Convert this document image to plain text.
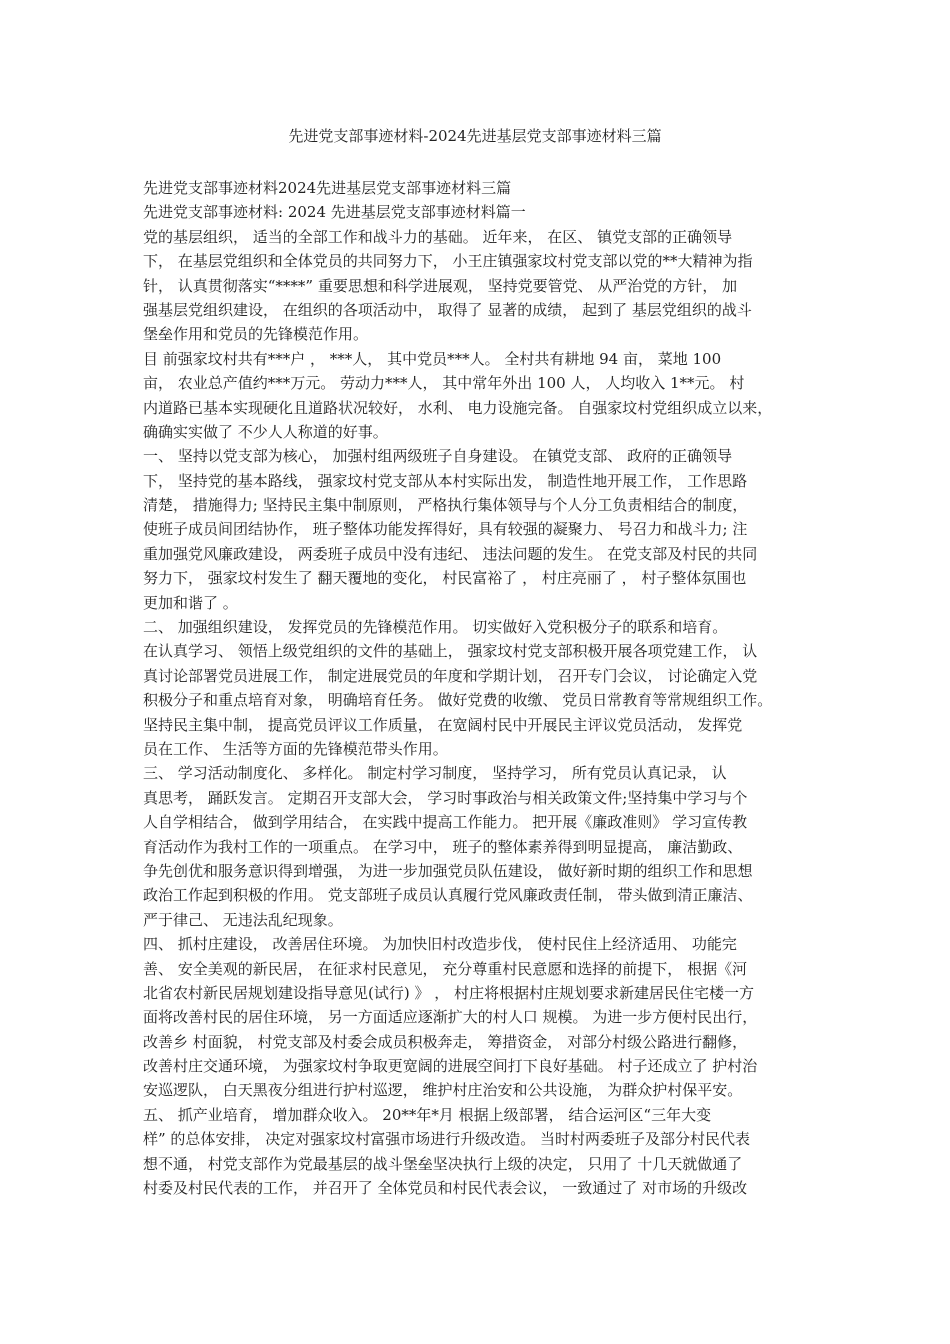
先进党支部事迹材料-2024先进基层党支部事迹材料三篇
先进党支部事迹材料2024先进基层党支部事迹材料三篇
先进党支部事迹材料: 2024 先进基层党支部事迹材料篇一
党的基层组织， 适当的全部工作和战斗力的基础。 近年来， 在区、 镇党支部的正确领导
下， 在基层党组织和全体党员的共同努力下， 小王庄镇强家坟村党支部以党的**大精神为指
针， 认真贯彻落实“****” 重要思想和科学进展观， 坚持党要管党、 从严治党的方针， 加
强基层党组织建设， 在组织的各项活动中， 取得了 显著的成绩， 起到了 基层党组织的战斗
堡垒作用和党员的先锋模范作用。
目 前强家坟村共有***户 ， ***人， 其中党员***人。 全村共有耕地 94 亩， 菜地 100
亩， 农业总产值约***万元。 劳动力***人， 其中常年外出 100 人， 人均收入 1**元。 村
内道路已基本实现硬化且道路状况较好， 水利、 电力设施完备。 自强家坟村党组织成立以来，
确确实实做了 不少人人称道的好事。
一、 坚持以党支部为核心， 加强村组两级班子自身建设。 在镇党支部、 政府的正确领导
下， 坚持党的基本路线， 强家坟村党支部从本村实际出发， 制造性地开展工作， 工作思路
清楚， 措施得力; 坚持民主集中制原则， 严格执行集体领导与个人分工负责相结合的制度，
使班子成员间团结协作， 班子整体功能发挥得好，具有较强的凝聚力、 号召力和战斗力; 注
重加强党风廉政建设， 两委班子成员中没有违纪、 违法问题的发生。 在党支部及村民的共同
努力下， 强家坟村发生了 翻天覆地的变化， 村民富裕了 ， 村庄亮丽了 ， 村子整体氛围也
更加和谐了 。
二、 加强组织建设， 发挥党员的先锋模范作用。 切实做好入党积极分子的联系和培育。
在认真学习、 领悟上级党组织的文件的基础上， 强家坟村党支部积极开展各项党建工作， 认
真讨论部署党员进展工作， 制定进展党员的年度和学期计划， 召开专门会议， 讨论确定入党
积极分子和重点培育对象， 明确培育任务。 做好党费的收缴、 党员日常教育等常规组织工作。
坚持民主集中制， 提高党员评议工作质量， 在宽阔村民中开展民主评议党员活动， 发挥党
员在工作、 生活等方面的先锋模范带头作用。
三、 学习活动制度化、 多样化。 制定村学习制度， 坚持学习， 所有党员认真记录， 认
真思考， 踊跃发言。 定期召开支部大会， 学习时事政治与相关政策文件;坚持集中学习与个
人自学相结合， 做到学用结合， 在实践中提高工作能力。 把开展《廉政准则》 学习宣传教
育活动作为我村工作的一项重点。 在学习中， 班子的整体素养得到明显提高， 廉洁勤政、
争先创优和服务意识得到增强， 为进一步加强党员队伍建设， 做好新时期的组织工作和思想
政治工作起到积极的作用。 党支部班子成员认真履行党风廉政责任制， 带头做到清正廉洁、
严于律己、 无违法乱纪现象。
四、 抓村庄建设， 改善居住环境。 为加快旧村改造步伐， 使村民住上经济适用、 功能完
善、 安全美观的新民居， 在征求村民意见， 充分尊重村民意愿和选择的前提下， 根据《河
北省农村新民居规划建设指导意见(试行) 》 ， 村庄将根据村庄规划要求新建居民住宅楼一方
面将改善村民的居住环境， 另一方面适应逐渐扩大的村人口 规模。 为进一步方便村民出行，
改善乡 村面貌， 村党支部及村委会成员积极奔走， 筹措资金， 对部分村级公路进行翻修，
改善村庄交通环境， 为强家坟村争取更宽阔的进展空间打下良好基础。 村子还成立了 护村治
安巡逻队， 白天黑夜分组进行护村巡逻， 维护村庄治安和公共设施， 为群众护村保平安。
五、 抓产业培育， 增加群众收入。 20**年*月 根据上级部署， 结合运河区“三年大变
样” 的总体安排， 决定对强家坟村富强市场进行升级改造。 当时村两委班子及部分村民代表
想不通， 村党支部作为党最基层的战斗堡垒坚决执行上级的决定， 只用了 十几天就做通了
村委及村民代表的工作， 并召开了 全体党员和村民代表会议， 一致通过了 对市场的升级改
